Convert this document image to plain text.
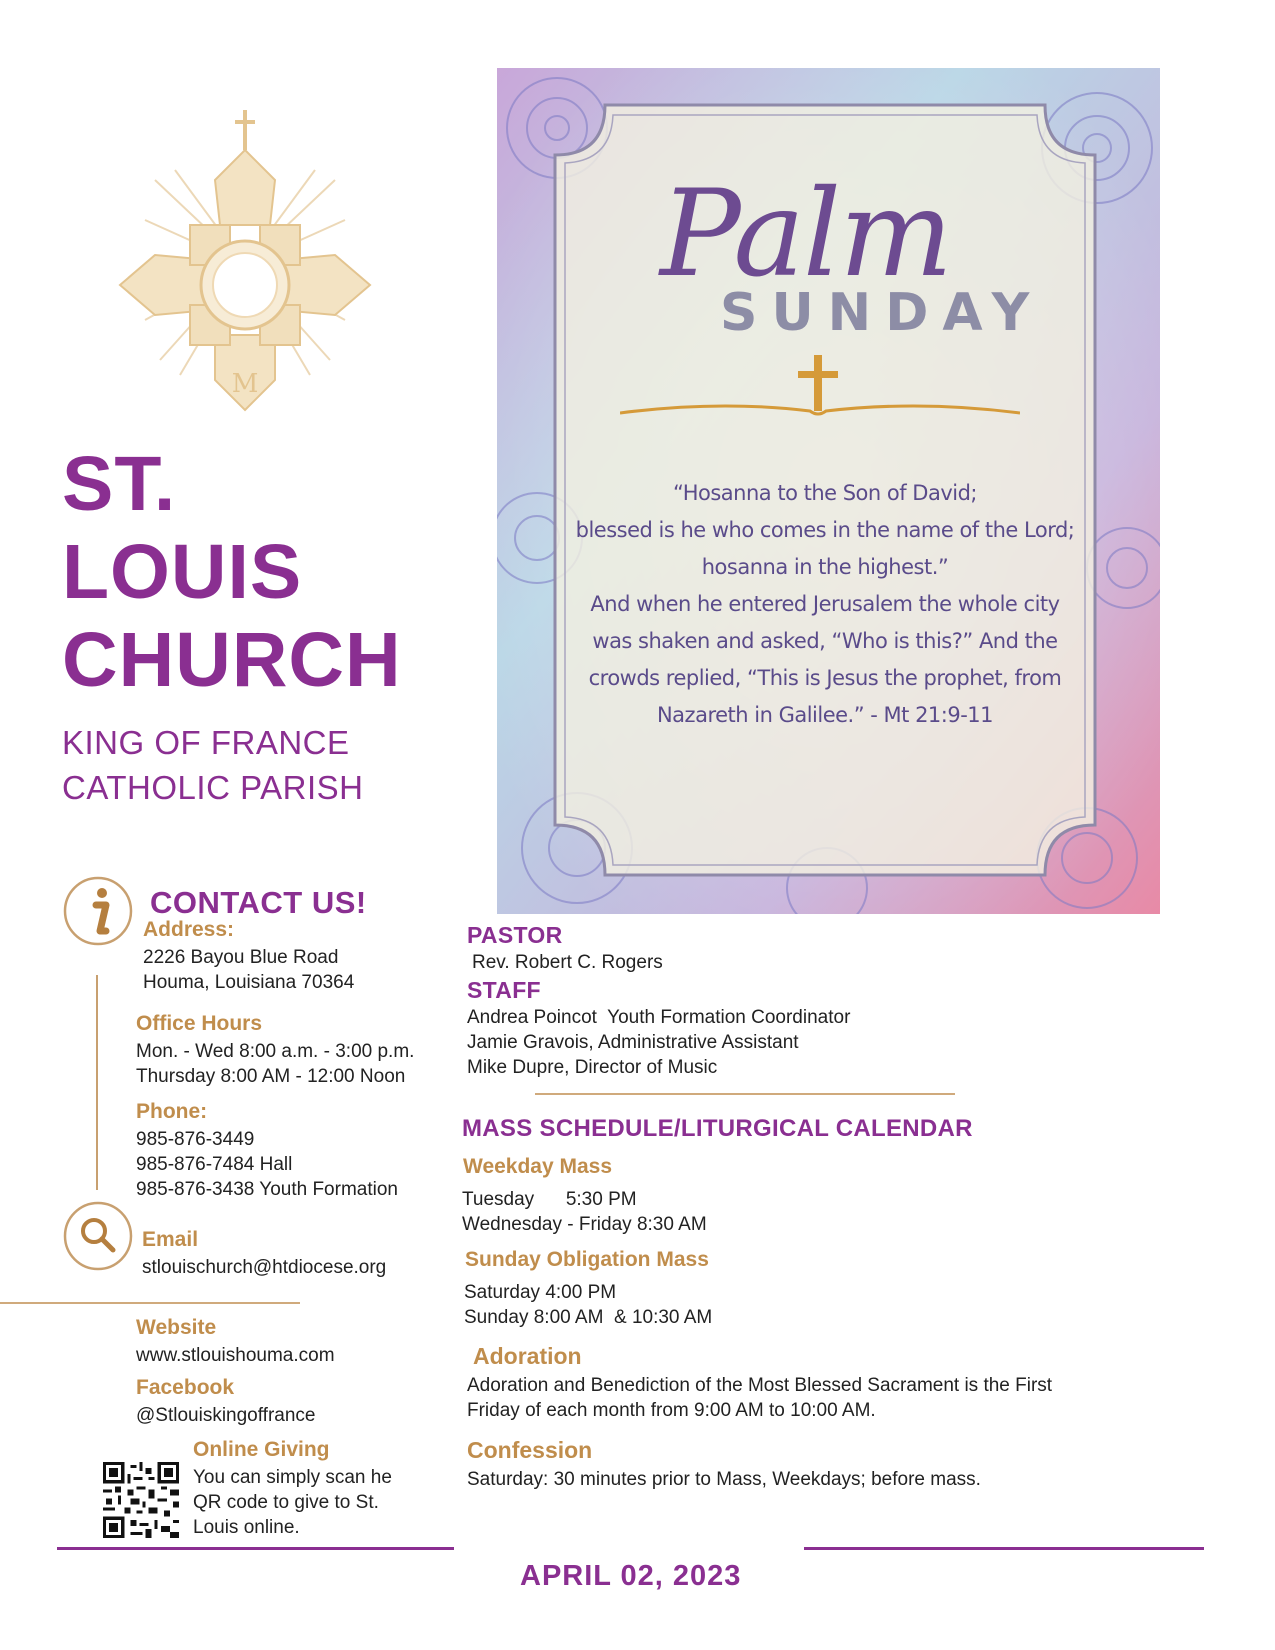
M
ST.
LOUIS
CHURCH
KING OF FRANCE
CATHOLIC PARISH
Palm
SUNDAY
“Hosanna to the Son of David;
blessed is he who comes in the name of the Lord;
hosanna in the highest.”
And when he entered Jerusalem the whole city
was shaken and asked, “Who is this?” And the
crowds replied, “This is Jesus the prophet, from
Nazareth in Galilee.” - Mt 21:9-11
CONTACT US!
Address:
2226 Bayou Blue Road
Houma, Louisiana 70364
Office Hours
Mon. - Wed 8:00 a.m. - 3:00 p.m.
Thursday 8:00 AM - 12:00 Noon
Phone:
985-876-3449
985-876-7484 Hall
985-876-3438 Youth Formation
Email
stlouischurch@htdiocese.org
Website
www.stlouishouma.com
Facebook
@Stlouiskingoffrance
Online Giving
You can simply scan he
QR code to give to St.
Louis online.
PASTOR
Rev. Robert C. Rogers
STAFF
Andrea Poincot  Youth Formation Coordinator
Jamie Gravois, Administrative Assistant
Mike Dupre, Director of Music
MASS SCHEDULE/LITURGICAL CALENDAR
Weekday Mass
Tuesday      5:30 PM
Wednesday - Friday 8:30 AM
Sunday Obligation Mass
Saturday 4:00 PM
Sunday 8:00 AM  & 10:30 AM
Adoration
Adoration and Benediction of the Most Blessed Sacrament is the First
Friday of each month from 9:00 AM to 10:00 AM.
Confession
Saturday: 30 minutes prior to Mass, Weekdays; before mass.
APRIL 02, 2023
